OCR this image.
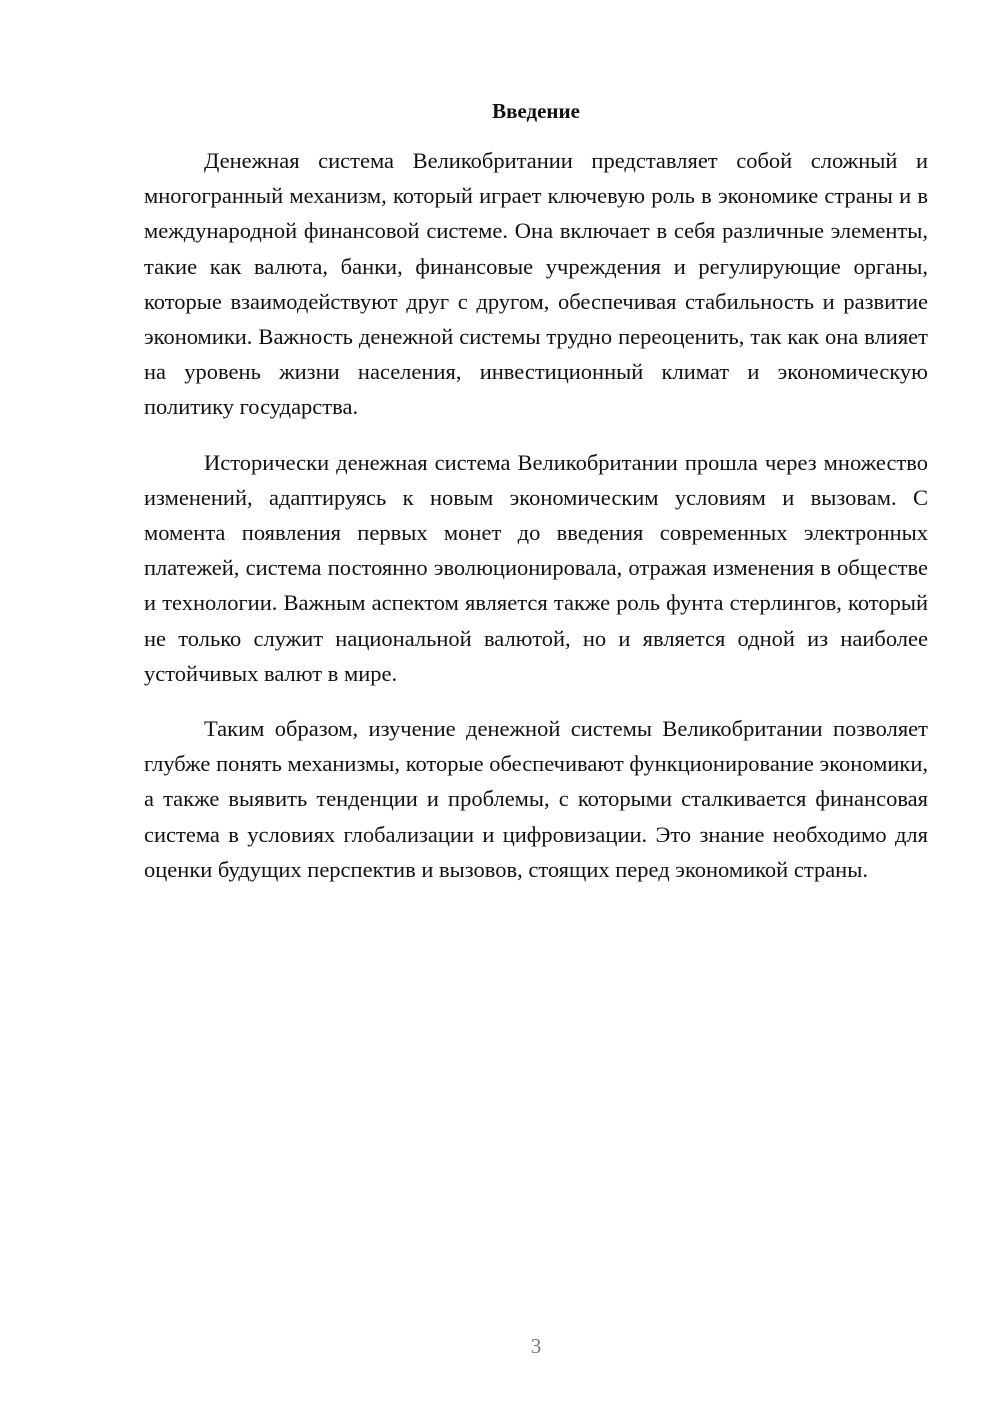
Введение

Денежная система Великобритании представляет собой сложный и многогранный механизм, который играет ключевую роль в экономике страны и в международной финансовой системе. Она включает в себя различные элементы, такие как валюта, банки, финансовые учреждения и регулирующие органы, которые взаимодействуют друг с другом, обеспечивая стабильность и развитие экономики. Важность денежной системы трудно переоценить, так как она влияет на уровень жизни населения, инвестиционный климат и экономическую политику государства.

Исторически денежная система Великобритании прошла через множество изменений, адаптируясь к новым экономическим условиям и вызовам. С момента появления первых монет до введения современных электронных платежей, система постоянно эволюционировала, отражая изменения в обществе и технологии. Важным аспектом является также роль фунта стерлингов, который не только служит национальной валютой, но и является одной из наиболее устойчивых валют в мире.

Таким образом, изучение денежной системы Великобритании позволяет глубже понять механизмы, которые обеспечивают функционирование экономики, а также выявить тенденции и проблемы, с которыми сталкивается финансовая система в условиях глобализации и цифровизации. Это знание необходимо для оценки будущих перспектив и вызовов, стоящих перед экономикой страны.

3
